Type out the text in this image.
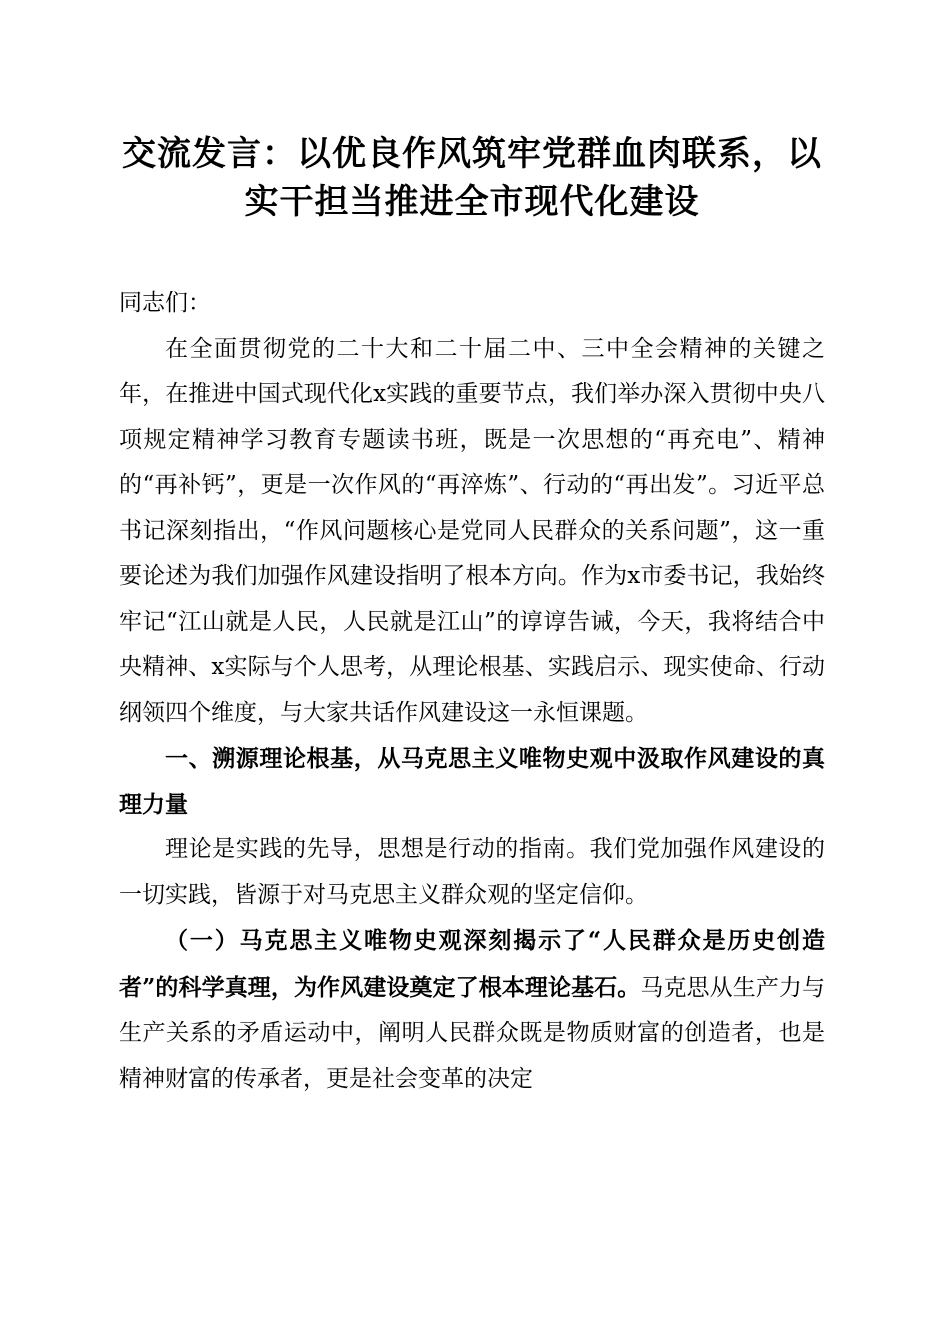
交流发言：以优良作风筑牢党群血肉联系，以
实干担当推进全市现代化建设

同志们：

在全面贯彻党的二十大和二十届二中、三中全会精神的关键之年，在推进中国式现代化x实践的重要节点，我们举办深入贯彻中央八项规定精神学习教育专题读书班，既是一次思想的“再充电”、精神的“再补钙”，更是一次作风的“再淬炼”、行动的“再出发”。习近平总书记深刻指出，“作风问题核心是党同人民群众的关系问题”，这一重要论述为我们加强作风建设指明了根本方向。作为x市委书记，我始终牢记“江山就是人民，人民就是江山”的谆谆告诫，今天，我将结合中央精神、x实际与个人思考，从理论根基、实践启示、现实使命、行动纲领四个维度，与大家共话作风建设这一永恒课题。

一、溯源理论根基，从马克思主义唯物史观中汲取作风建设的真理力量

理论是实践的先导，思想是行动的指南。我们党加强作风建设的一切实践，皆源于对马克思主义群众观的坚定信仰。

（一）马克思主义唯物史观深刻揭示了“人民群众是历史创造者”的科学真理，为作风建设奠定了根本理论基石。马克思从生产力与生产关系的矛盾运动中，阐明人民群众既是物质财富的创造者，也是精神财富的传承者，更是社会变革的决定
